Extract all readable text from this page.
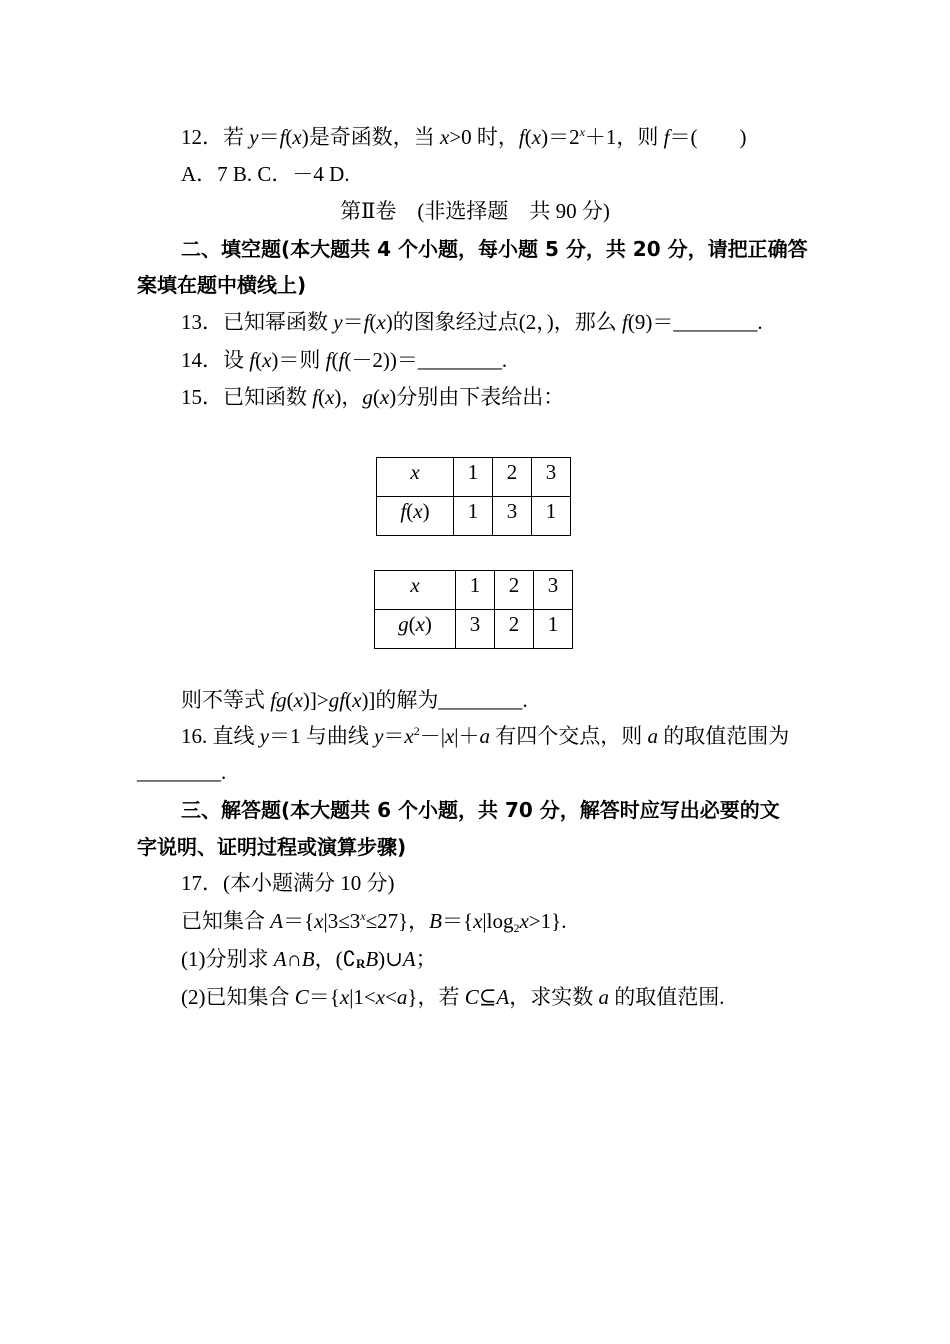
12．若 y＝f(x)是奇函数，当 x>0 时，$f(x)=2^x+1$，则 f＝(　　)
A．7 B. C．－4 D.
第Ⅱ卷　(非选择题　共 90 分)
二、填空题(本大题共 4 个小题，每小题 5 分，共 20 分，请把正确答
案填在题中横线上)
13．已知幂函数 y＝f(x)的图象经过点(2，)，那么 f(9)＝________.
14．设 f(x)＝则 f(f(－2))＝________.
15．已知函数 f(x)，g(x)分别由下表给出：
x	1	2	3
f(x)	1	3	1
x	1	2	3
g(x)	3	2	1
则不等式 fg(x)]>gf(x)]的解为________.
16. 直线 y＝1 与曲线 $y=x^2-|x|+a$ 有四个交点，则 a 的取值范围为
________.
三、解答题(本大题共 6 个小题，共 70 分，解答时应写出必要的文
字说明、证明过程或演算步骤)
17．(本小题满分 10 分)
已知集合 $A=\{x|3\le 3^x\le 27\}$，$B=\{x|\log_2x>1\}$.
(1)分别求 A∩B，(∁RB)∪A；
(2)已知集合 C＝{x|1<x<a}，若 C⊆A，求实数 a 的取值范围.
